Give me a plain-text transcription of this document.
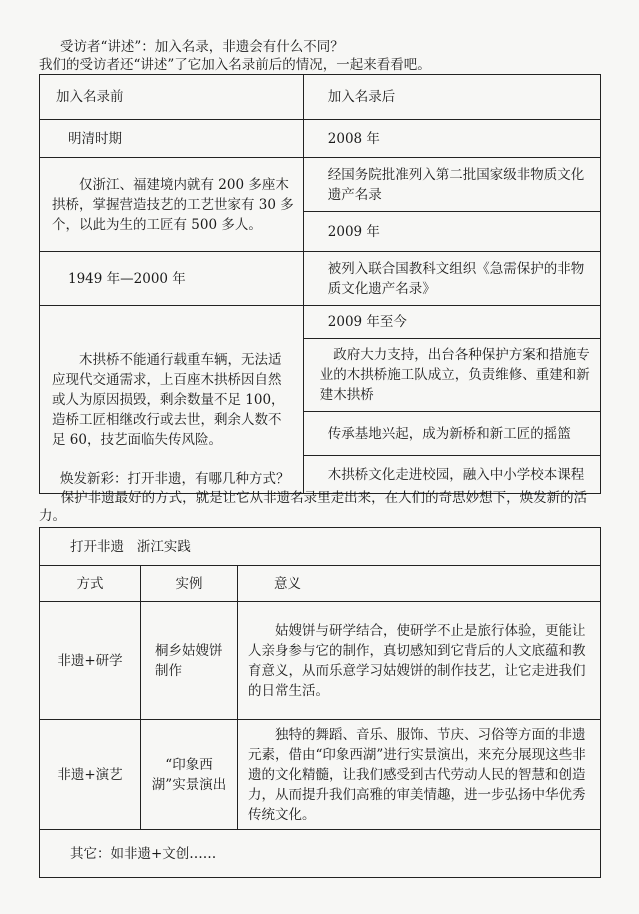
受访者“讲述”：加入名录，非遗会有什么不同？
我们的受访者还“讲述”了它加入名录前后的情况，一起来看看吧。
加入名录前	加入名录后
明清时期	2008 年
仅浙江、福建境内就有 200 多座木拱桥，掌握营造技艺的工艺世家有 30 多个，以此为生的工匠有 500 多人。	经国务院批准列入第二批国家级非物质文化遗产名录
	2009 年
1949 年—2000 年	被列入联合国教科文组织《急需保护的非物质文化遗产名录》
木拱桥不能通行载重车辆，无法适应现代交通需求，上百座木拱桥因自然或人为原因损毁，剩余数量不足 100，造桥工匠相继改行或去世，剩余人数不足 60，技艺面临失传风险。	2009 年至今
	政府大力支持，出台各种保护方案和措施专业的木拱桥施工队成立，负责维修、重建和新建木拱桥
	传承基地兴起，成为新桥和新工匠的摇篮
	木拱桥文化走进校园，融入中小学校本课程
焕发新彩：打开非遗，有哪几种方式？
保护非遗最好的方式，就是让它从非遗名录里走出来，在人们的奇思妙想下，焕发新的活力。
打开非遗   浙江实践		
方式	实例	意义
非遗+研学	桐乡姑嫂饼制作	姑嫂饼与研学结合，使研学不止是旅行体验，更能让人亲身参与它的制作，真切感知到它背后的人文底蕴和教育意义，从而乐意学习姑嫂饼的制作技艺，让它走进我们的日常生活。
非遗+演艺	“印象西湖”实景演出	独特的舞蹈、音乐、服饰、节庆、习俗等方面的非遗元素，借由“印象西湖”进行实景演出，来充分展现这些非遗的文化精髓，让我们感受到古代劳动人民的智慧和创造力，从而提升我们高雅的审美情趣，进一步弘扬中华优秀传统文化。
其它：如非遗+文创……		
